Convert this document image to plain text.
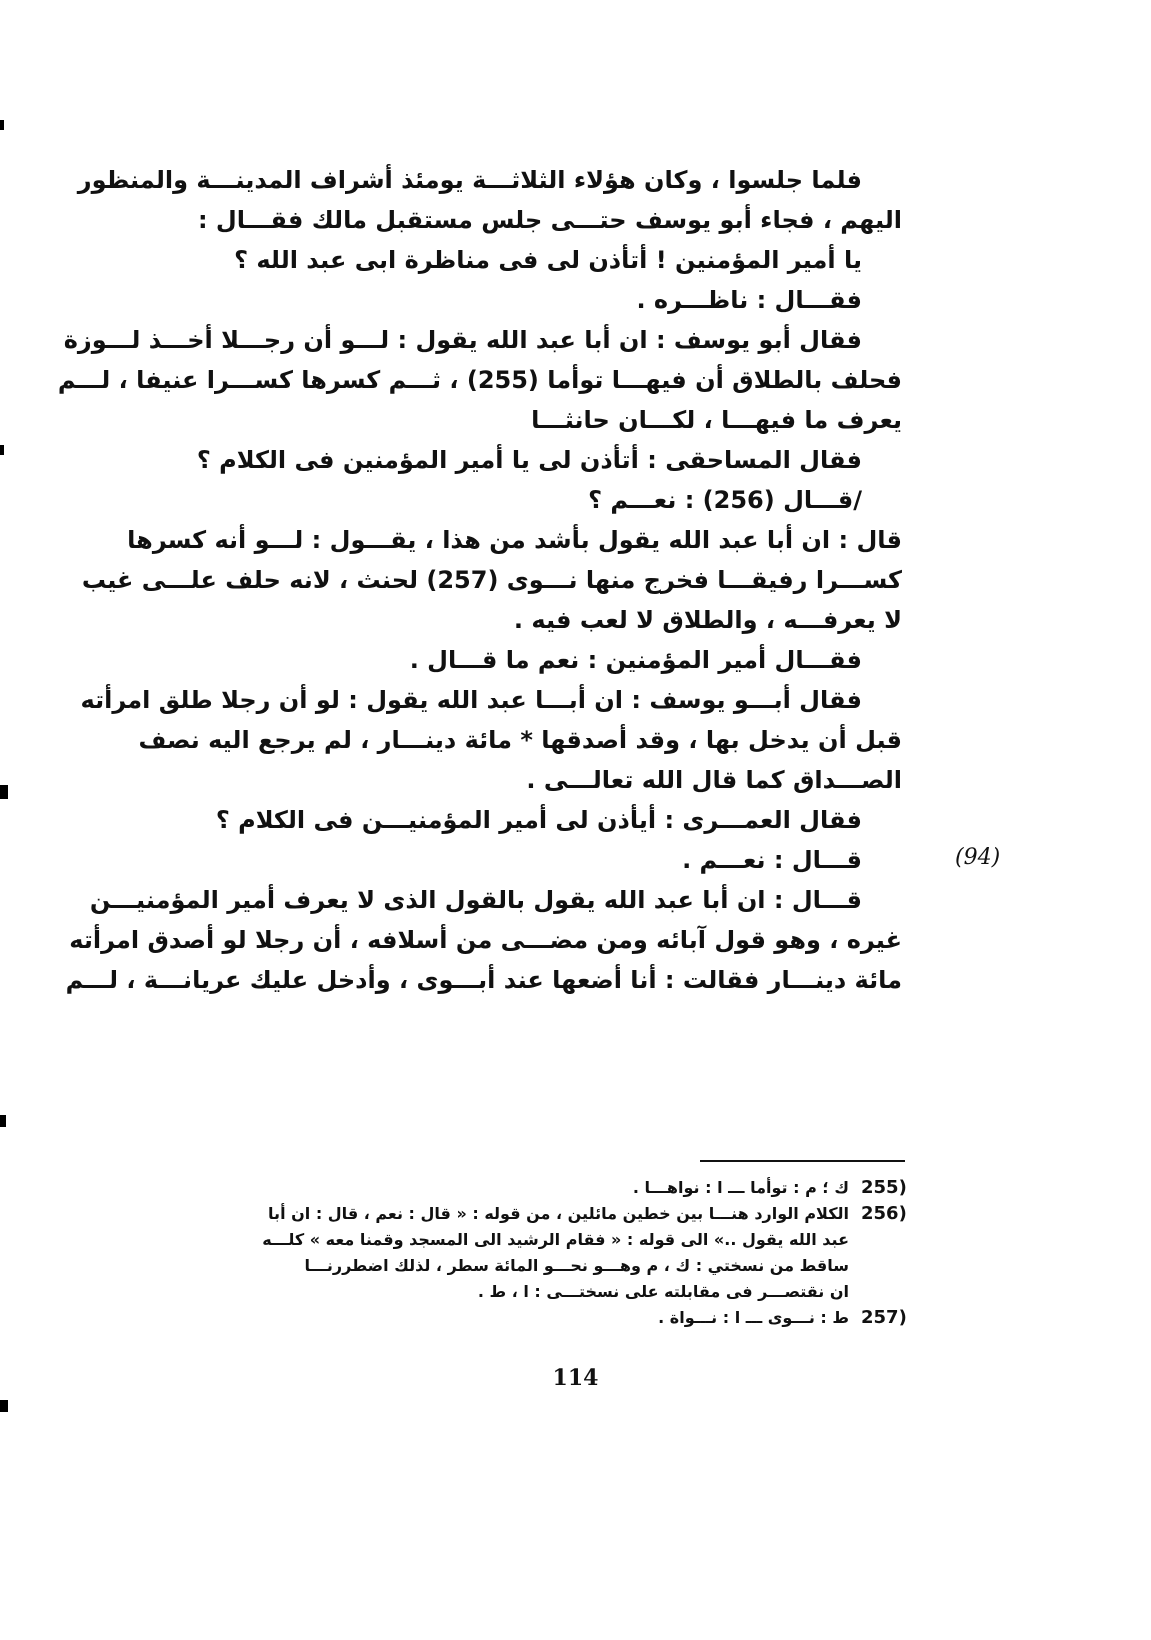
فلما جلسوا ، وكان هؤلاء الثلاثـــة يومئذ أشراف المدينـــة والمنظور

اليهم ، فجاء أبو يوسف حتـــى جلس مستقبل مالك فقـــال :

يا أمير المؤمنين ! أتأذن لى فى مناظرة ابى عبد الله ؟

فقـــال : ناظـــره .

فقال أبو يوسف : ان أبا عبد الله يقول : لـــو أن رجـــلا أخـــذ لـــوزة

فحلف بالطلاق أن فيهـــا توأما (255) ، ثـــم كسرها كســـرا عنيفا ، لـــم
يعرف ما فيهـــا ، لكـــان حانثـــا

فقال المساحقى : أتأذن لى يا أمير المؤمنين فى الكلام ؟

/قـــال (256) : نعـــم ؟

قال : ان أبا عبد الله يقول بأشد من هذا ، يقـــول : لـــو أنه كسرها
كســـرا رفيقـــا فخرج منها نـــوى (257) لحنث ، لانه حلف علـــى غيب
لا يعرفـــه ، والطلاق لا لعب فيه .

فقـــال أمير المؤمنين : نعم ما قـــال .

فقال أبـــو يوسف : ان أبـــا عبد الله يقول : لو أن رجلا طلق امرأته

قبل أن يدخل بها ، وقد أصدقها * مائة دينـــار ، لم يرجع اليه نصف
الصـــداق كما قال الله تعالـــى .

فقال العمـــرى : أيأذن لى أمير المؤمنيـــن فى الكلام ؟

قـــال : نعـــم .

قـــال : ان أبا عبد الله يقول بالقول الذى لا يعرف أمير المؤمنيـــن

غيره ، وهو قول آبائه ومن مضـــى من أسلافه ، أن رجلا لو أصدق امرأته
مائة دينـــار فقالت : أنا أضعها عند أبـــوى ، وأدخل عليك عريانـــة ، لـــم

(94)
255)
ك ؛ م : توأما ـــ ا : نواهـــا .
256)
الكلام الوارد هنـــا بين خطين مائلين ، من قوله : « قال : نعم ، قال : ان أبا
عبد الله يقول ..» الى قوله : « فقام الرشيد الى المسجد وقمنا معه » كلـــه
ساقط من نسختي : ك ، م وهـــو نحـــو المائة سطر ، لذلك اضطررنـــا
ان نقتصـــر فى مقابلته على نسختـــى : ا ، ط .
257)
ط : نـــوى ـــ ا : نـــواة .
114
